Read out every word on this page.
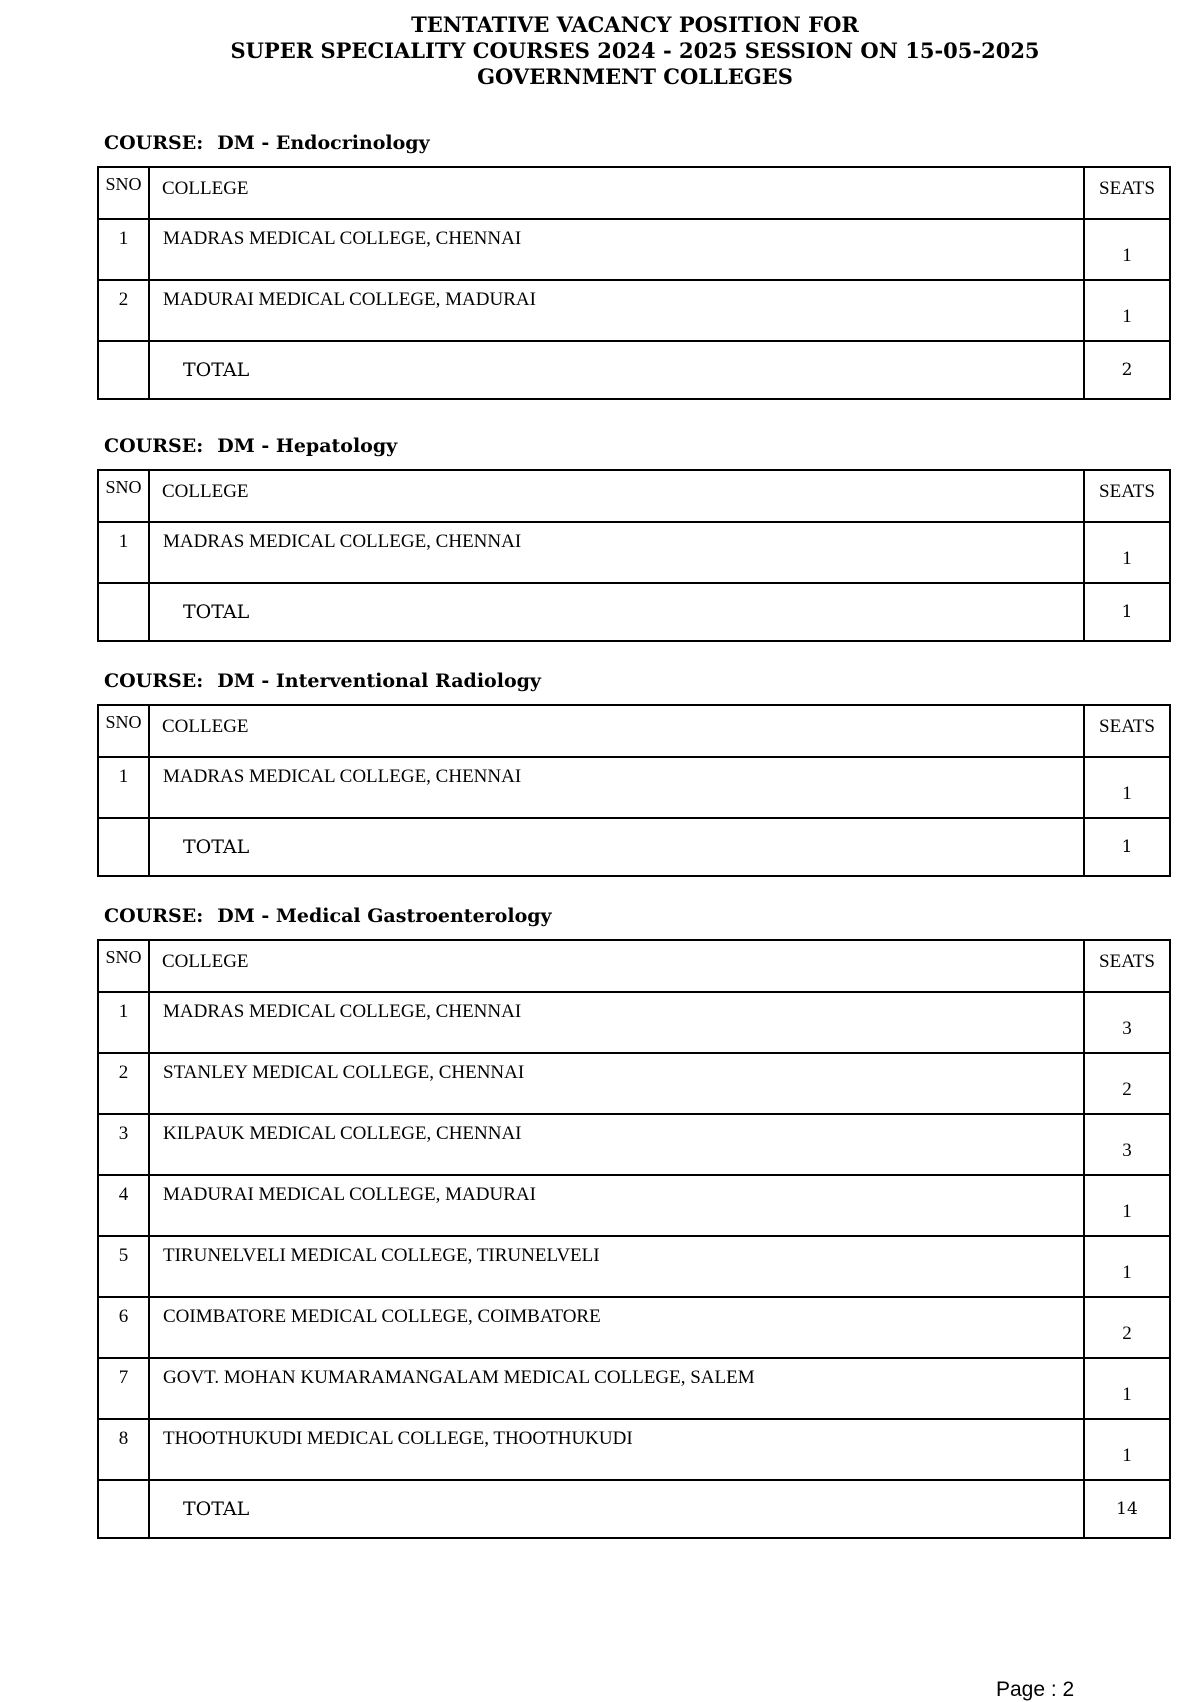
TENTATIVE VACANCY POSITION FOR
SUPER SPECIALITY COURSES 2024 - 2025 SESSION ON 15-05-2025
GOVERNMENT COLLEGES
COURSE: DM - Endocrinology
SNO	COLLEGE	SEATS
1	MADRAS MEDICAL COLLEGE, CHENNAI	1
2	MADURAI MEDICAL COLLEGE, MADURAI	1
	TOTAL	2
COURSE: DM - Hepatology
SNO	COLLEGE	SEATS
1	MADRAS MEDICAL COLLEGE, CHENNAI	1
	TOTAL	1
COURSE: DM - Interventional Radiology
SNO	COLLEGE	SEATS
1	MADRAS MEDICAL COLLEGE, CHENNAI	1
	TOTAL	1
COURSE: DM - Medical Gastroenterology
SNO	COLLEGE	SEATS
1	MADRAS MEDICAL COLLEGE, CHENNAI	3
2	STANLEY MEDICAL COLLEGE, CHENNAI	2
3	KILPAUK MEDICAL COLLEGE, CHENNAI	3
4	MADURAI MEDICAL COLLEGE, MADURAI	1
5	TIRUNELVELI MEDICAL COLLEGE, TIRUNELVELI	1
6	COIMBATORE MEDICAL COLLEGE, COIMBATORE	2
7	GOVT. MOHAN KUMARAMANGALAM MEDICAL COLLEGE, SALEM	1
8	THOOTHUKUDI MEDICAL COLLEGE, THOOTHUKUDI	1
	TOTAL	14
Page : 2
